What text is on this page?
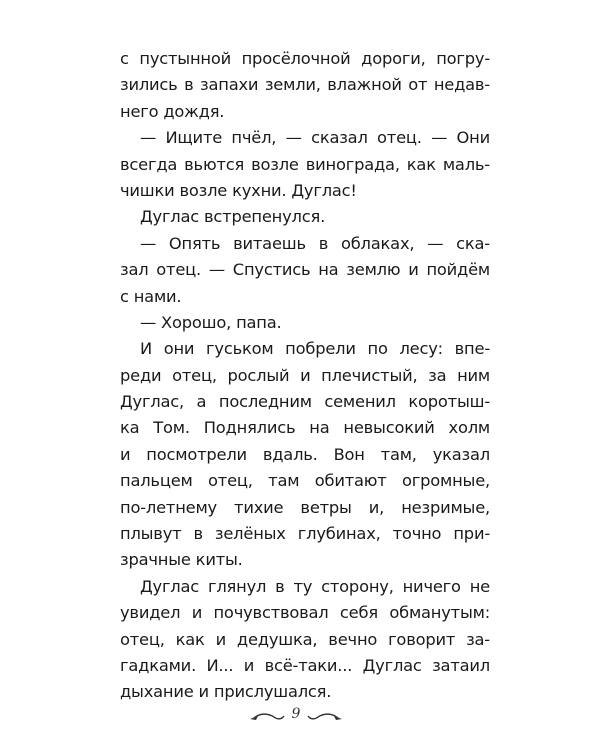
с пустынной просёлочной дороги, погру-
зились в запахи земли, влажной от недав-
него дождя.
— Ищите пчёл, — сказал отец. — Они
всегда вьются возле винограда, как маль-
чишки возле кухни. Дуглас!
Дуглас встрепенулся.
— Опять витаешь в облаках, — ска-
зал отец. — Спустись на землю и пойдём
с нами.
— Хорошо, папа.
И они гуськом побрели по лесу: впе-
реди отец, рослый и плечистый, за ним
Дуглас, а последним семенил коротыш-
ка Том. Поднялись на невысокий холм
и посмотрели вдаль. Вон там, указал
пальцем отец, там обитают огромные,
по-летнему тихие ветры и, незримые,
плывут в зелёных глубинах, точно при-
зрачные киты.
Дуглас глянул в ту сторону, ничего не
увидел и почувствовал себя обманутым:
отец, как и дедушка, вечно говорит за-
гадками. И... и всё-таки... Дуглас затаил
дыхание и прислушался.
9
